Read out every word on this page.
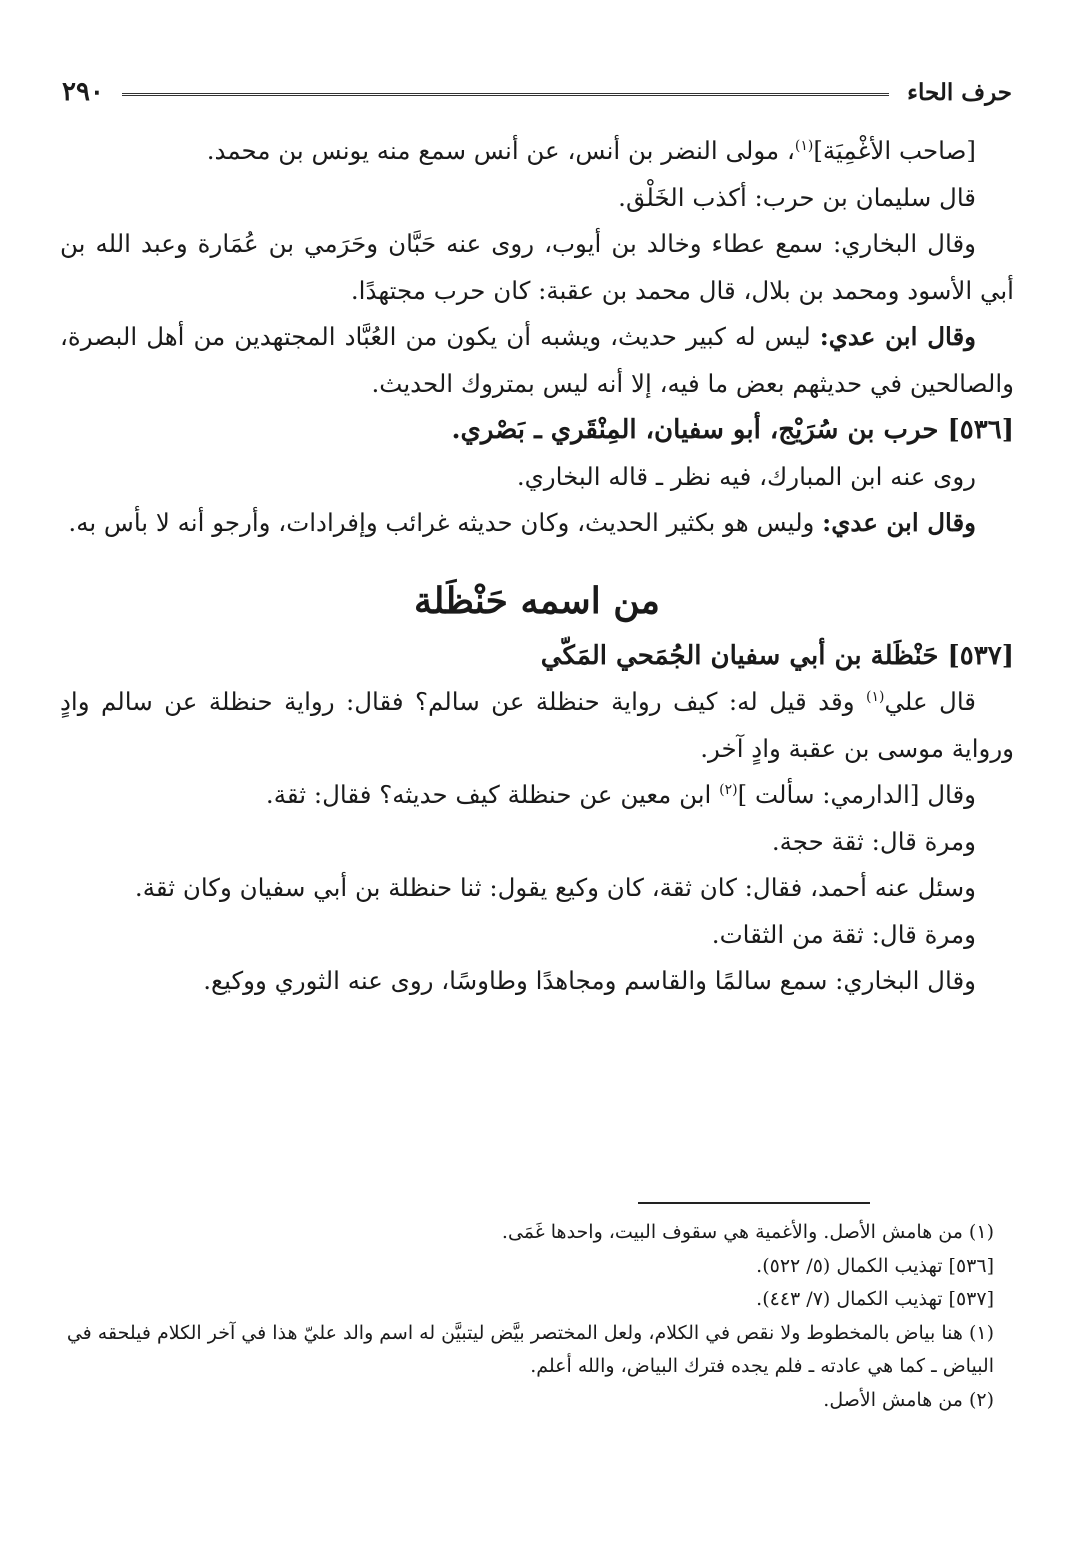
حرف الحاء
٢٩٠

[صاحب الأغْمِيَة]$^{(١)}$، مولى النضر بن أنس، عن أنس سمع منه يونس بن محمد.

قال سليمان بن حرب: أكذب الخَلْق.

وقال البخاري: سمع عطاء وخالد بن أيوب، روى عنه حَبَّان وحَرَمي بن عُمَارة وعبد الله بن أبي الأسود ومحمد بن بلال، قال محمد بن عقبة: كان حرب مجتهدًا.

وقال ابن عدي: ليس له كبير حديث، ويشبه أن يكون من العُبَّاد المجتهدين من أهل البصرة، والصالحين في حديثهم بعض ما فيه، إلا أنه ليس بمتروك الحديث.

[٥٣٦] حرب بن سُرَيْج، أبو سفيان، المِنْقَري ـ بَصْري.

روى عنه ابن المبارك، فيه نظر ـ قاله البخاري.

وقال ابن عدي: وليس هو بكثير الحديث، وكان حديثه غرائب وإفرادات، وأرجو أنه لا بأس به.

من اسمه حَنْظَلة

[٥٣٧] حَنْظَلة بن أبي سفيان الجُمَحي المَكّي

قال علي$^{(١)}$ وقد قيل له: كيف رواية حنظلة عن سالم؟ فقال: رواية حنظلة عن سالم وادٍ ورواية موسى بن عقبة وادٍ آخر.

وقال [الدارمي: سألت ]$^{(٢)}$ ابن معين عن حنظلة كيف حديثه؟ فقال: ثقة.

ومرة قال: ثقة حجة.

وسئل عنه أحمد، فقال: كان ثقة، كان وكيع يقول: ثنا حنظلة بن أبي سفيان وكان ثقة.

ومرة قال: ثقة من الثقات.

وقال البخاري: سمع سالمًا والقاسم ومجاهدًا وطاوسًا، روى عنه الثوري ووكيع.

(١) من هامش الأصل. والأغمية هي سقوف البيت، واحدها غَمَى.

[٥٣٦] تهذيب الكمال (٥/ ٥٢٢).

[٥٣٧] تهذيب الكمال (٧/ ٤٤٣).

(١) هنا بياض بالمخطوط ولا نقص في الكلام، ولعل المختصر بيَّض ليتبيَّن له اسم والد عليّ هذا في آخر الكلام فيلحقه في البياض ـ كما هي عادته ـ فلم يجده فترك البياض، والله أعلم.

(٢) من هامش الأصل.
